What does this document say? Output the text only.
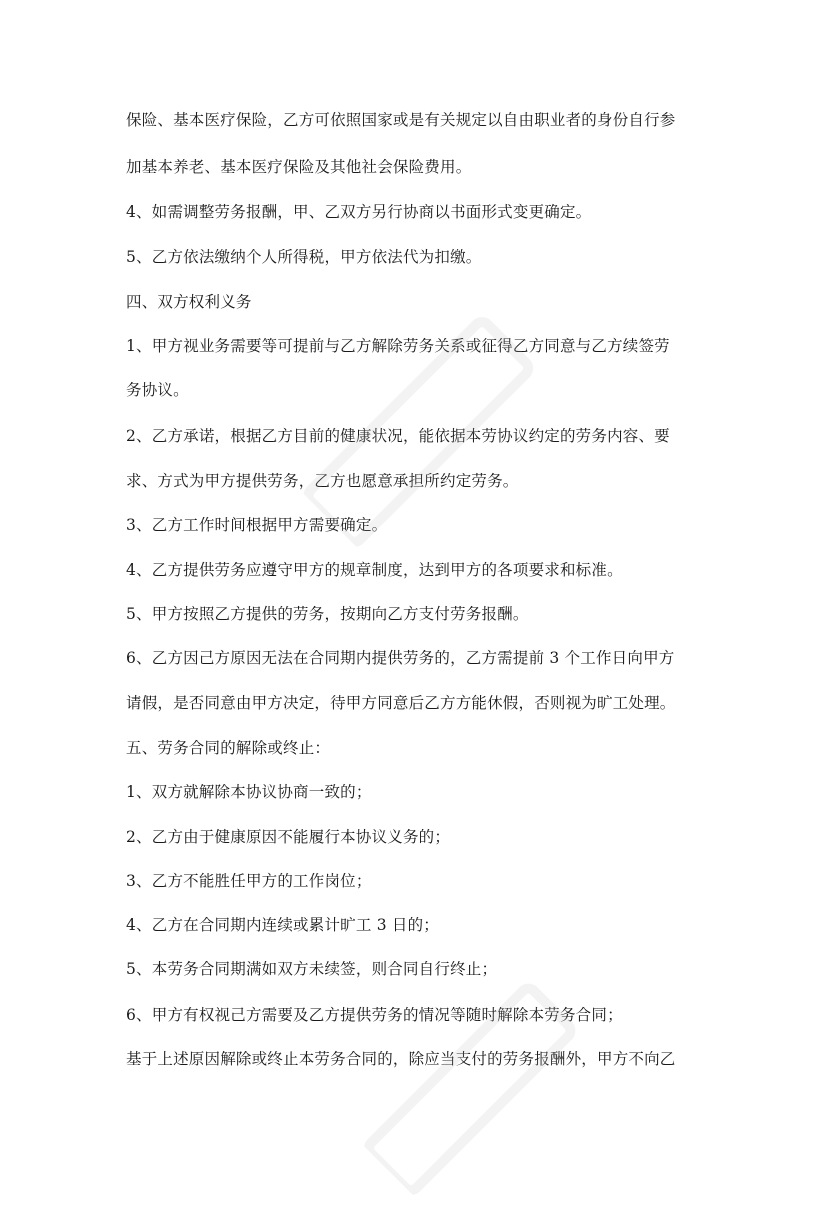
保险、基本医疗保险，乙方可依照国家或是有关规定以自由职业者的身份自行参
加基本养老、基本医疗保险及其他社会保险费用。
4、如需调整劳务报酬，甲、乙双方另行协商以书面形式变更确定。
5、乙方依法缴纳个人所得税，甲方依法代为扣缴。
四、双方权利义务
1、甲方视业务需要等可提前与乙方解除劳务关系或征得乙方同意与乙方续签劳
务协议。
2、乙方承诺，根据乙方目前的健康状况，能依据本劳协议约定的劳务内容、要
求、方式为甲方提供劳务，乙方也愿意承担所约定劳务。
3、乙方工作时间根据甲方需要确定。
4、乙方提供劳务应遵守甲方的规章制度，达到甲方的各项要求和标准。
5、甲方按照乙方提供的劳务，按期向乙方支付劳务报酬。
6、乙方因己方原因无法在合同期内提供劳务的，乙方需提前 3 个工作日向甲方
请假，是否同意由甲方决定，待甲方同意后乙方方能休假，否则视为旷工处理。
五、劳务合同的解除或终止：
1、双方就解除本协议协商一致的；
2、乙方由于健康原因不能履行本协议义务的；
3、乙方不能胜任甲方的工作岗位；
4、乙方在合同期内连续或累计旷工 3 日的；
5、本劳务合同期满如双方未续签，则合同自行终止；
6、甲方有权视己方需要及乙方提供劳务的情况等随时解除本劳务合同；
基于上述原因解除或终止本劳务合同的，除应当支付的劳务报酬外，甲方不向乙
